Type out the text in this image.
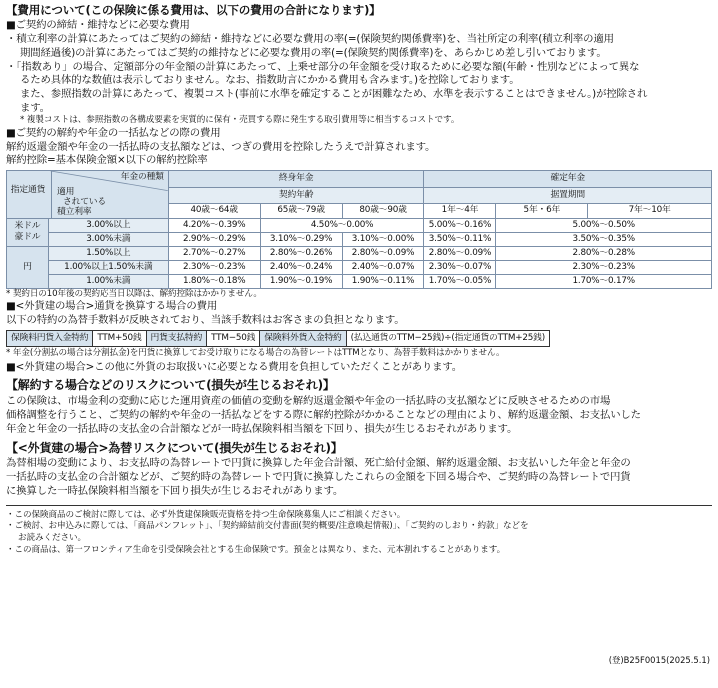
【費用について(この保険に係る費用は、以下の費用の合計になります)】
■ご契約の締結・維持などに必要な費用
・積立利率の計算にあたってはご契約の締結・維持などに必要な費用の率(=(保険契約関係費率)を、当社所定の利率(積立利率の適用
期間経過後)の計算にあたってはご契約の維持などに必要な費用の率(=(保険契約関係費率)を、あらかじめ差し引いております。
・「指数あり」の場合、定額部分の年金額の計算にあたって、上乗せ部分の年金額を受け取るために必要な額(年齢・性別などによって異な
るため具体的な数値は表示しておりません。なお、指数助言にかかる費用も含みます。)を控除しております。
また、参照指数の計算にあたって、複製コスト(事前に水準を確定することが困難なため、水準を表示することはできません。)が控除され
ます。
* 複製コストは、参照指数の各構成要素を実質的に保有・売買する際に発生する取引費用等に相当するコストです。
■ご契約の解約や年金の一括払などの際の費用
解約返還金額や年金の一括払時の支払額などは、つぎの費用を控除したうえで計算されます。
解約控除=基本保険金額×以下の解約控除率
年金の種類
指定通貨 適用
されている
積立利率		終身年金			確定年金		
		契約年齢			据置期間		
		40歳～64歳	65歳～79歳	80歳～90歳	1年～4年	5年・6年	7年～10年
米ドル
豪ドル	3.00%以上	4.20%～0.39%	4.50%～0.00%		5.00%～0.16%	5.00%～0.50%	
	3.00%未満	2.90%～0.29%	3.10%～0.29%	3.10%～0.00%	3.50%～0.11%	3.50%～0.35%	
円	1.50%以上	2.70%～0.27%	2.80%～0.26%	2.80%～0.09%	2.80%～0.09%	2.80%～0.28%	
	1.00%以上1.50%未満	2.30%～0.23%	2.40%～0.24%	2.40%～0.07%	2.30%～0.07%	2.30%～0.23%	
	1.00%未満	1.80%～0.18%	1.90%～0.19%	1.90%～0.11%	1.70%～0.05%	1.70%～0.17%	
* 契約日の10年後の契約応当日以降は、解約控除はかかりません。
■<外貨建の場合>通貨を換算する場合の費用
以下の特約の為替手数料が反映されており、当該手数料はお客さまの負担となります。
保険料円貨入金特約	TTM+50銭	円貨支払特約	TTM−50銭	保険料外貨入金特約	(払込通貨のTTM−25銭)÷(指定通貨のTTM+25銭)
* 年金(分割払の場合は分割払金)を円貨に換算してお受け取りになる場合の為替レートはTTMとなり、為替手数料はかかりません。
■<外貨建の場合>この他に外貨のお取扱いに必要となる費用を負担していただくことがあります。
【解約する場合などのリスクについて(損失が生じるおそれ)】
この保険は、市場金利の変動に応じた運用資産の価値の変動を解約返還金額や年金の一括払時の支払額などに反映させるための市場
価格調整を行うこと、ご契約の解約や年金の一括払などをする際に解約控除がかかることなどの理由により、解約返還金額、お支払いした
年金と年金の一括払時の支払金の合計額などが一時払保険料相当額を下回り、損失が生じるおそれがあります。
【<外貨建の場合>為替リスクについて(損失が生じるおそれ)】
為替相場の変動により、お支払時の為替レートで円貨に換算した年金合計額、死亡給付金額、解約返還金額、お支払いした年金と年金の
一括払時の支払金の合計額などが、ご契約時の為替レートで円貨に換算したこれらの金額を下回る場合や、ご契約時の為替レートで円貨
に換算した一時払保険料相当額を下回り損失が生じるおそれがあります。
・この保険商品のご検討に際しては、必ず外貨建保険販売資格を持つ生命保険募集人にご相談ください。
・ご検討、お申込みに際しては、「商品パンフレット」、「契約締結前交付書面(契約概要/注意喚起情報)」、「ご契約のしおり・約款」などを
お読みください。
・この商品は、第一フロンティア生命を引受保険会社とする生命保険です。預金とは異なり、また、元本割れすることがあります。
(登)B25F0015(2025.5.1)
